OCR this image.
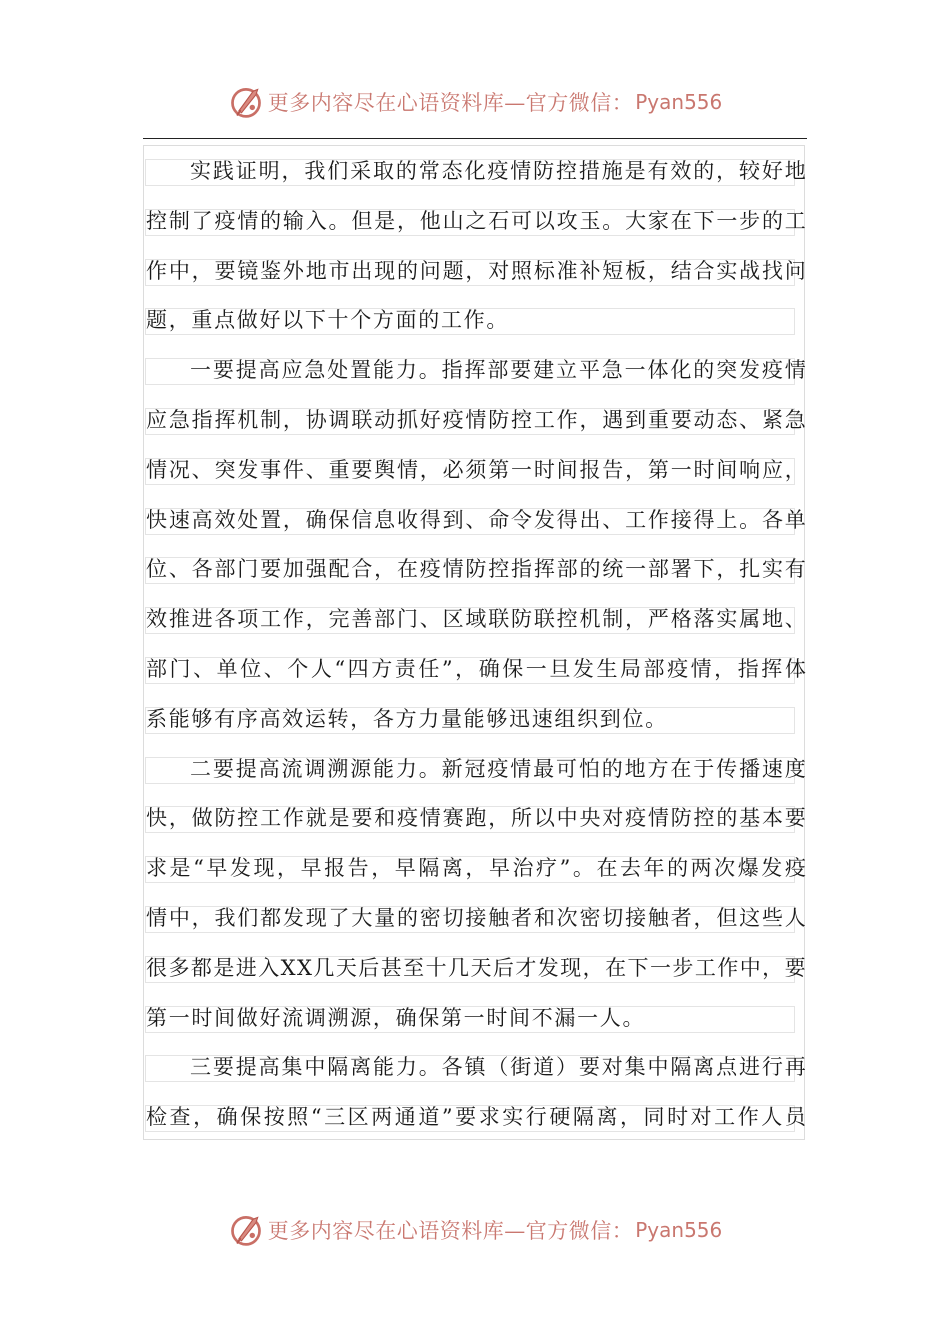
更多内容尽在心语资料库—官方微信： Pyan556
实 践 证 明 ， 我 们 采 取 的 常 态 化 疫 情 防 控 措 施 是 有 效 的 ， 较 好 地
控 制 了 疫 情 的 输 入 。 但 是 ， 他 山 之 石 可 以 攻 玉 。 大 家 在 下 一 步 的 工
作 中 ， 要 镜 鉴 外 地 市 出 现 的 问 题 ， 对 照 标 准 补 短 板 ， 结 合 实 战 找 问
题 ， 重 点 做 好 以 下 十 个 方 面 的 工 作 。
一 要 提 高 应 急 处 置 能 力 。 指 挥 部 要 建 立 平 急 一 体 化 的 突 发 疫 情
应 急 指 挥 机 制 ， 协 调 联 动 抓 好 疫 情 防 控 工 作 ， 遇 到 重 要 动 态 、 紧 急
情 况 、 突 发 事 件 、 重 要 舆 情 ， 必 须 第 一 时 间 报 告 ， 第 一 时 间 响 应 ，
快 速 高 效 处 置 ， 确 保 信 息 收 得 到 、 命 令 发 得 出 、 工 作 接 得 上 。 各 单
位 、 各 部 门 要 加 强 配 合 ， 在 疫 情 防 控 指 挥 部 的 统 一 部 署 下 ， 扎 实 有
效 推 进 各 项 工 作 ， 完 善 部 门 、 区 域 联 防 联 控 机 制 ， 严 格 落 实 属 地 、
部 门 、 单 位 、 个 人 “ 四 方 责 任 ” ， 确 保 一 旦 发 生 局 部 疫 情 ， 指 挥 体
系 能 够 有 序 高 效 运 转 ， 各 方 力 量 能 够 迅 速 组 织 到 位 。
二 要 提 高 流 调 溯 源 能 力 。 新 冠 疫 情 最 可 怕 的 地 方 在 于 传 播 速 度
快 ， 做 防 控 工 作 就 是 要 和 疫 情 赛 跑 ， 所 以 中 央 对 疫 情 防 控 的 基 本 要
求 是 “ 早 发 现 ， 早 报 告 ， 早 隔 离 ， 早 治 疗 ” 。 在 去 年 的 两 次 爆 发 疫
情 中 ， 我 们 都 发 现 了 大 量 的 密 切 接 触 者 和 次 密 切 接 触 者 ， 但 这 些 人
很 多 都 是 进 入 X X 几 天 后 甚 至 十 几 天 后 才 发 现 ， 在 下 一 步 工 作 中 ， 要
第 一 时 间 做 好 流 调 溯 源 ， 确 保 第 一 时 间 不 漏 一 人 。
三 要 提 高 集 中 隔 离 能 力 。 各 镇 （ 街 道 ） 要 对 集 中 隔 离 点 进 行 再
检 查 ， 确 保 按 照 “ 三 区 两 通 道 ” 要 求 实 行 硬 隔 离 ， 同 时 对 工 作 人 员
更多内容尽在心语资料库—官方微信： Pyan556
